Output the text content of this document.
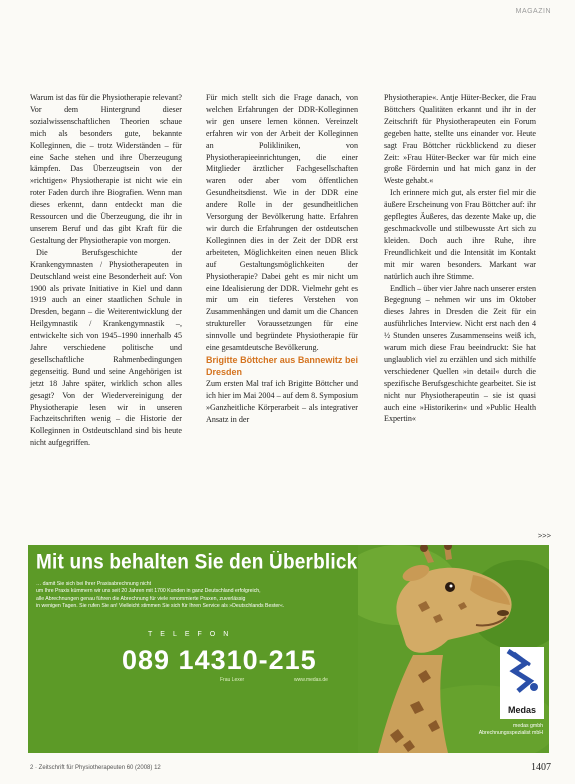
MAGAZIN

Warum ist das für die Physiotherapie relevant? Vor dem Hintergrund dieser sozialwissenschaftlichen Theorien schaue mich als besonders gute, bekannte Kolleginnen, die – trotz Widerständen – für eine Sache stehen und ihre Überzeugung kämpfen. Das Überzeugtsein von der »richtigen« Physiotherapie ist nicht wie ein roter Faden durch ihre Biografien. Wenn man dieses erkennt, dann entdeckt man die Ressourcen und die Überzeugung, die ihr in unserem Beruf und das gibt Kraft für die Gestaltung der Physiotherapie von morgen.

Die Berufsgeschichte der Krankengymnasten / Physiotherapeuten in Deutschland weist eine Besonderheit auf: Von 1900 als private Initiative in Kiel und dann 1919 auch an einer staatlichen Schule in Dresden, begann – die Weiterentwicklung der Heilgymnastik / Krankengymnastik –, entwickelte sich von 1945–1990 innerhalb 45 Jahre verschiedene politische und gesellschaftliche Rahmenbedingungen gegenseitig. Bund und seine Angehörigen ist jetzt 18 Jahre später, wirklich schon alles gesagt? Von der Wiedervereinigung der Physiotherapie lesen wir in unseren Fachzeitschriften wenig – die Historie der Kolleginnen in Ostdeutschland sind bis heute nicht aufgegriffen.

Für mich stellt sich die Frage danach, von welchen Erfahrungen der DDR-Kolleginnen wir gen unsere lernen können. Vereinzelt erfahren wir von der Arbeit der Kolleginnen an Polikliniken, von Physiotherapieeinrichtungen, die einer Mitglieder ärztlicher Fachgesellschaften waren oder aber vom öffentlichen Gesundheitsdienst. Wie in der DDR eine andere Rolle in der gesundheitlichen Versorgung der Bevölkerung hatte. Erfahren wir durch die Erfahrungen der ostdeutschen Kolleginnen dies in der Zeit der DDR erst arbeiteten, Möglichkeiten einen neuen Blick auf Gestaltungsmöglichkeiten der Physiotherapie? Dabei geht es mir nicht um eine Idealisierung der DDR. Vielmehr geht es mir um ein tieferes Verstehen von Zusammenhängen und damit um die Chancen struktureller Voraussetzungen für eine sinnvolle und begründete Physiotherapie für eine gesamtdeutsche Bevölkerung.

Brigitte Böttcher aus Bannewitz bei Dresden

Zum ersten Mal traf ich Brigitte Böttcher und ich hier im Mai 2004 – auf dem 8. Symposium »Ganzheitliche Körperarbeit – als integrativer Ansatz in der

Physiotherapie«. Antje Hüter-Becker, die Frau Böttchers Qualitäten erkannt und ihr in der Zeitschrift für Physiotherapeuten ein Forum gegeben hatte, stellte uns einander vor. Heute sagt Frau Böttcher rückblickend zu dieser Zeit: »Frau Hüter-Becker war für mich eine große Fördernin und hat mich ganz in der Weste gehabt.«

Ich erinnere mich gut, als erster fiel mir die äußere Erscheinung von Frau Böttcher auf: ihr gepflegtes Äußeres, das dezente Make up, die geschmackvolle und stilbewusste Art sich zu kleiden. Doch auch ihre Ruhe, ihre Freundlichkeit und die Intensität im Kontakt mit mir waren besonders. Markant war natürlich auch ihre Stimme.

Endlich – über vier Jahre nach unserer ersten Begegnung – nehmen wir uns im Oktober dieses Jahres in Dresden die Zeit für ein ausführliches Interview. Nicht erst nach den 4 ½ Stunden unseres Zusammenseins weiß ich, warum mich diese Frau beeindruckt: Sie hat unglaublich viel zu erzählen und sich mithilfe verschiedener Quellen »in detail« durch die spezifische Berufsgeschichte gearbeitet. Sie ist nicht nur Physiotherapeutin – sie ist quasi auch eine »Historikerin« und »Public Health Expertin«

>>>
Mit uns behalten Sie den Überblick
… damit Sie sich bei Ihrer Praxisabrechnung nicht
um Ihre Praxis kümmern wir uns seit 20 Jahren mit 1700 Kunden in ganz Deutschland erfolgreich,
alle Abrechnungen genau führen die Abrechnung für viele renommierte Praxen, zuverlässig
in wenigen Tagen. Sie rufen Sie an! Vielleicht stimmen Sie sich für Ihren Service als »Deutschlands Bester«.
TELEFON
089 14310-215
Frau Lexer	www.medas.de
Medas
medas gmbh
Abrechnungsspezialist mbH
2 · Zeitschrift für Physiotherapeuten 60 (2008) 12	1407
